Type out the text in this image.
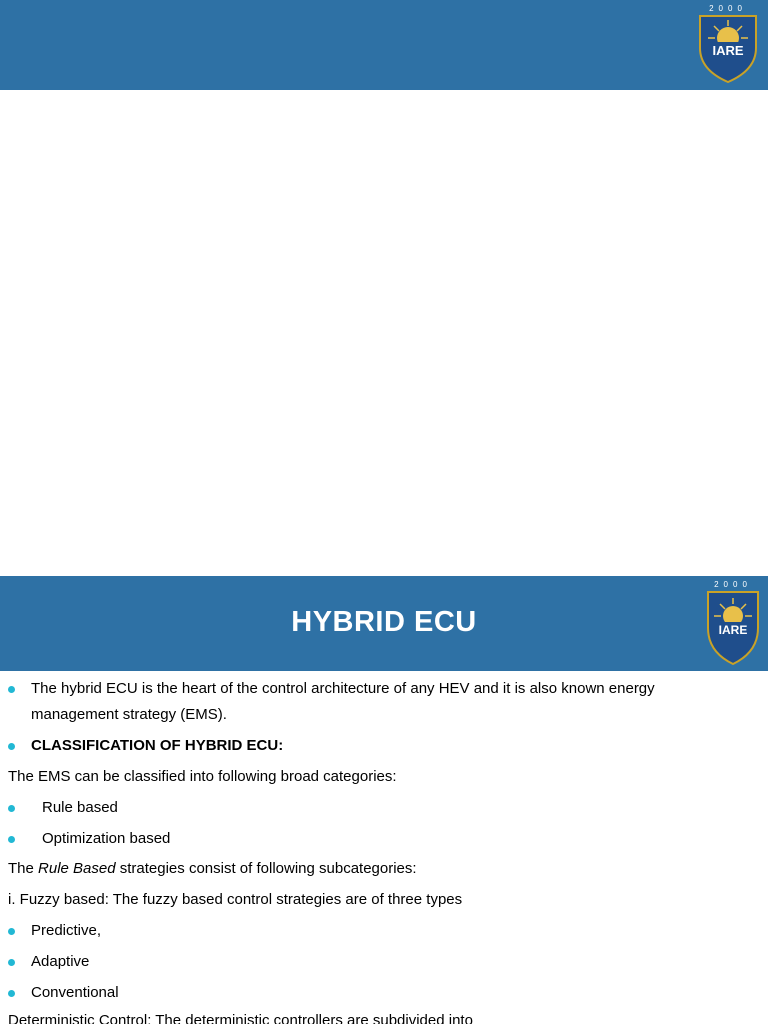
2000
IARE
HYBRID ECU
2000
IARE
The hybrid ECU is the heart of the control architecture of any HEV and it is also known energy
management strategy (EMS).
CLASSIFICATION OF HYBRID ECU:
The EMS can be classified into following broad categories:
Rule based
Optimization based
The Rule Based strategies consist of following subcategories:
i. Fuzzy based: The fuzzy based control strategies are of three types
Predictive,
Adaptive
Conventional
Deterministic Control: The deterministic controllers are subdivided into
